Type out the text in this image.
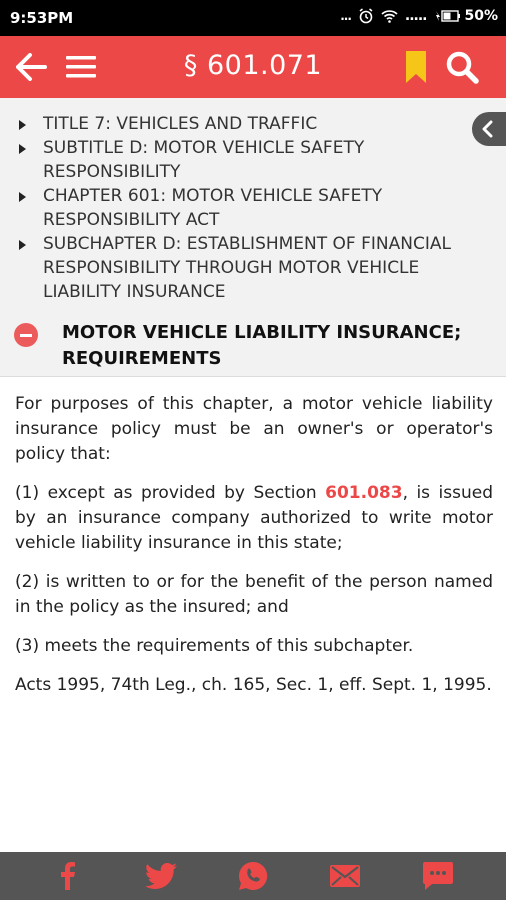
9:53PM	...	.....	50%
§ 601.071
TITLE 7: VEHICLES AND TRAFFIC
SUBTITLE D: MOTOR VEHICLE SAFETY RESPONSIBILITY
CHAPTER 601: MOTOR VEHICLE SAFETY RESPONSIBILITY ACT
SUBCHAPTER D: ESTABLISHMENT OF FINANCIAL RESPONSIBILITY THROUGH MOTOR VEHICLE LIABILITY INSURANCE
MOTOR VEHICLE LIABILITY INSURANCE; REQUIREMENTS

For purposes of this chapter, a motor vehicle liability insurance policy must be an owner's or operator's policy that:

(1) except as provided by Section 601.083, is issued by an insurance company authorized to write motor vehicle liability insurance in this state;

(2) is written to or for the benefit of the person named in the policy as the insured; and

(3) meets the requirements of this subchapter.

Acts 1995, 74th Leg., ch. 165, Sec. 1, eff. Sept. 1, 1995.
